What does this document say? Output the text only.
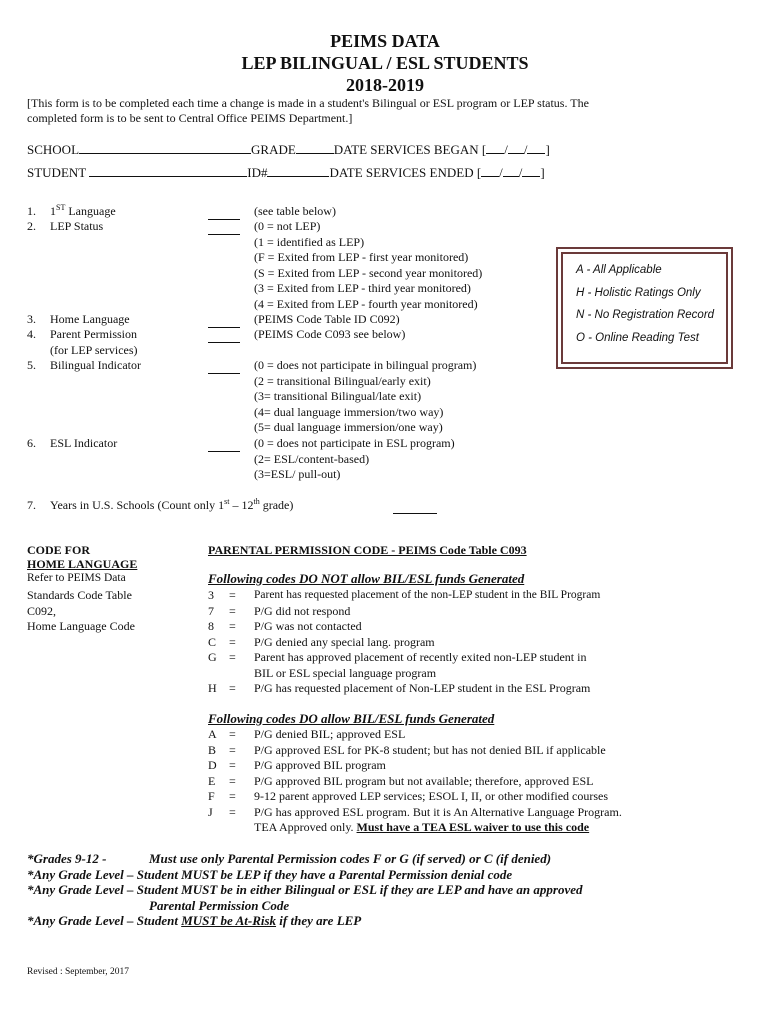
PEIMS DATA
LEP BILINGUAL / ESL STUDENTS
2018-2019
[This form is to be completed each time a change is made in a student's Bilingual or ESL program or LEP status. The
completed form is to be sent to Central Office PEIMS Department.]
SCHOOL	GRADE	DATE SERVICES BEGAN [ / / ]
STUDENT	ID#	DATE SERVICES ENDED [ / / ]
1. 1ST Language	(see table below)
2. LEP Status	(0 = not LEP)
(1 = identified as LEP)
(F = Exited from LEP - first year monitored)
(S = Exited from LEP - second year monitored)
(3 = Exited from LEP - third year monitored)
(4 = Exited from LEP - fourth year monitored)
3. Home Language	(PEIMS Code Table ID C092)
4. Parent Permission
(for LEP services)
(PEIMS Code C093 see below)
5. Bilingual Indicator	(0 = does not participate in bilingual program)
(2 = transitional Bilingual/early exit)
(3= transitional Bilingual/late exit)
(4= dual language immersion/two way)
(5= dual language immersion/one way)
6. ESL Indicator	(0 = does not participate in ESL program)
(2= ESL/content-based)
(3=ESL/ pull-out)
7. Years in U.S. Schools (Count only 1st – 12th grade)
A - All Applicable
H - Holistic Ratings Only
N - No Registration Record
O - Online Reading Test
CODE FOR
HOME LANGUAGE
Refer to PEIMS Data
Standards Code Table
C092,
Home Language Code
PARENTAL PERMISSION CODE - PEIMS Code Table C093
Following codes DO NOT allow BIL/ESL funds Generated
3	=	Parent has requested placement of the non-LEP student in the BIL Program
7	=	P/G did not respond
8	=	P/G was not contacted
C	=	P/G denied any special lang. program
G	=	Parent has approved placement of recently exited non-LEP student in
BIL or ESL special language program
H	=	P/G has requested placement of Non-LEP student in the ESL Program
Following codes DO allow BIL/ESL funds Generated
A	=	P/G denied BIL; approved ESL
B	=	P/G approved ESL for PK-8 student; but has not denied BIL if applicable
D	=	P/G approved BIL program
E	=	P/G approved BIL program but not available; therefore, approved ESL
F	=	9-12 parent approved LEP services; ESOL I, II, or other modified courses
J	=	P/G has approved ESL program. But it is An Alternative Language Program.
TEA Approved only. Must have a TEA ESL waiver to use this code
*Grades 9-12 -	Must use only Parental Permission codes F or G (if served) or C (if denied)
*Any Grade Level – Student MUST be LEP if they have a Parental Permission denial code
*Any Grade Level – Student MUST be in either Bilingual or ESL if they are LEP and have an approved
Parental Permission Code
*Any Grade Level – Student MUST be At-Risk if they are LEP
Revised : September, 2017
